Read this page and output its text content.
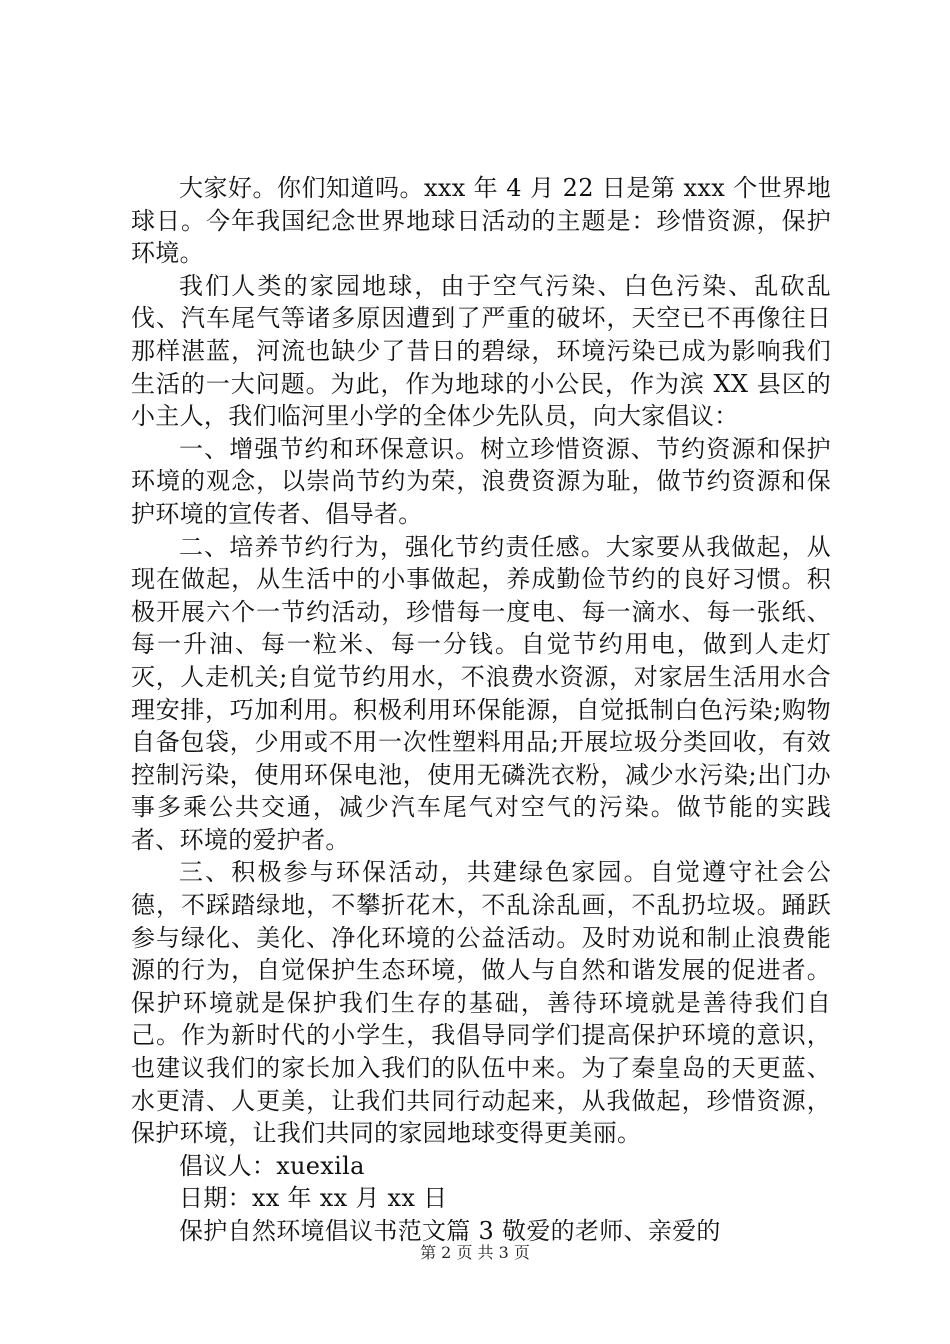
大家好。你们知道吗。xxx 年 4 月 22 日是第 xxx 个世界地球日。今年我国纪念世界地球日活动的主题是：珍惜资源，保护环境。

我们人类的家园地球，由于空气污染、白色污染、乱砍乱伐、汽车尾气等诸多原因遭到了严重的破坏，天空已不再像往日那样湛蓝，河流也缺少了昔日的碧绿，环境污染已成为影响我们生活的一大问题。为此，作为地球的小公民，作为滨 XX 县区的小主人，我们临河里小学的全体少先队员，向大家倡议：

一、增强节约和环保意识。树立珍惜资源、节约资源和保护环境的观念，以崇尚节约为荣，浪费资源为耻，做节约资源和保护环境的宣传者、倡导者。

二、培养节约行为，强化节约责任感。大家要从我做起，从现在做起，从生活中的小事做起，养成勤俭节约的良好习惯。积极开展六个一节约活动，珍惜每一度电、每一滴水、每一张纸、每一升油、每一粒米、每一分钱。自觉节约用电，做到人走灯灭，人走机关;自觉节约用水，不浪费水资源，对家居生活用水合理安排，巧加利用。积极利用环保能源，自觉抵制白色污染;购物自备包袋，少用或不用一次性塑料用品;开展垃圾分类回收，有效控制污染，使用环保电池，使用无磷洗衣粉，减少水污染;出门办事多乘公共交通，减少汽车尾气对空气的污染。做节能的实践者、环境的爱护者。

三、积极参与环保活动，共建绿色家园。自觉遵守社会公德，不踩踏绿地，不攀折花木，不乱涂乱画，不乱扔垃圾。踊跃参与绿化、美化、净化环境的公益活动。及时劝说和制止浪费能源的行为，自觉保护生态环境，做人与自然和谐发展的促进者。保护环境就是保护我们生存的基础，善待环境就是善待我们自己。作为新时代的小学生，我倡导同学们提高保护环境的意识，也建议我们的家长加入我们的队伍中来。为了秦皇岛的天更蓝、水更清、人更美，让我们共同行动起来，从我做起，珍惜资源，保护环境，让我们共同的家园地球变得更美丽。

倡议人：xuexila

日期：xx 年 xx 月 xx 日

保护自然环境倡议书范文篇 3 敬爱的老师、亲爱的

第 2 页 共 3 页
